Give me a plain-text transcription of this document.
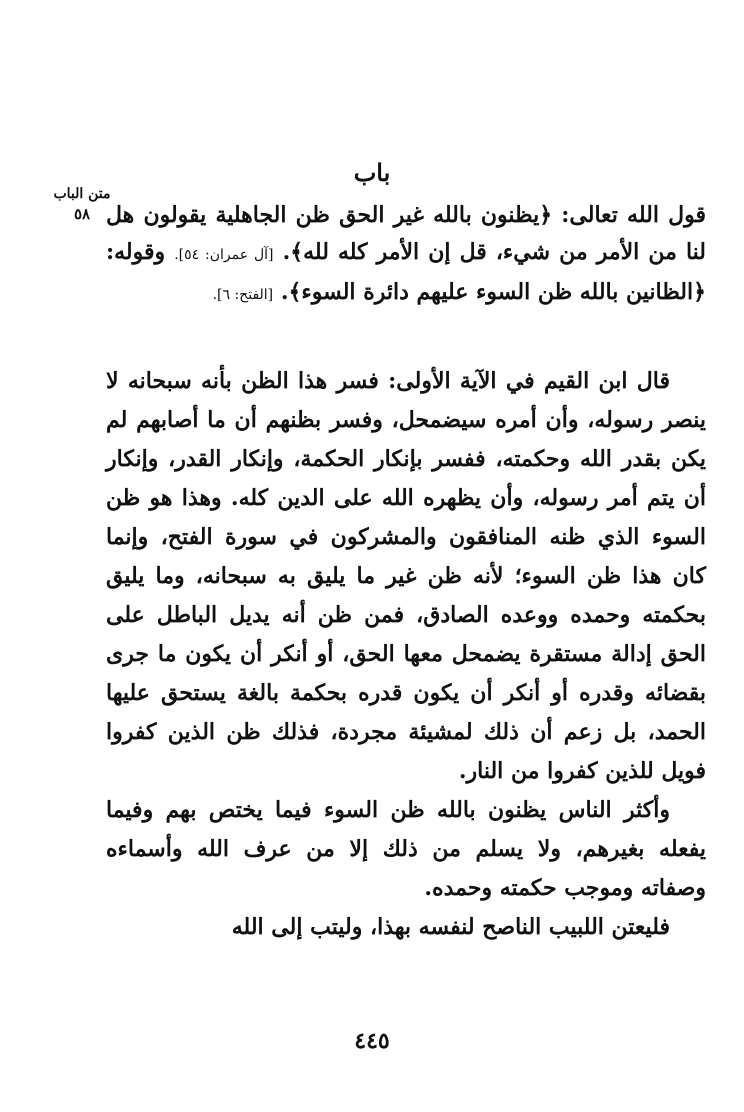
باب
متن الباب
٥٨ قول الله تعالى: ﴿يظنون بالله غير الحق ظن الجاهلية يقولون هل لنا من الأمر من شيء، قل إن الأمر كله لله﴾. [آل عمران: ٥٤]. وقوله: ﴿الظانين بالله ظن السوء عليهم دائرة السوء﴾. [الفتح: ٦].

قال ابن القيم في الآية الأولى: فسر هذا الظن بأنه سبحانه لا ينصر رسوله، وأن أمره سيضمحل، وفسر بظنهم أن ما أصابهم لم يكن بقدر الله وحكمته، ففسر بإنكار الحكمة، وإنكار القدر، وإنكار أن يتم أمر رسوله، وأن يظهره الله على الدين كله. وهذا هو ظن السوء الذي ظنه المنافقون والمشركون في سورة الفتح، وإنما كان هذا ظن السوء؛ لأنه ظن غير ما يليق به سبحانه، وما يليق بحكمته وحمده ووعده الصادق، فمن ظن أنه يديل الباطل على الحق إدالة مستقرة يضمحل معها الحق، أو أنكر أن يكون ما جرى بقضائه وقدره أو أنكر أن يكون قدره بحكمة بالغة يستحق عليها الحمد، بل زعم أن ذلك لمشيئة مجردة، فذلك ظن الذين كفروا فويل للذين كفروا من النار.

وأكثر الناس يظنون بالله ظن السوء فيما يختص بهم وفيما يفعله بغيرهم، ولا يسلم من ذلك إلا من عرف الله وأسماءه وصفاته وموجب حكمته وحمده.

فليعتن اللبيب الناصح لنفسه بهذا، وليتب إلى الله

٤٤٥
